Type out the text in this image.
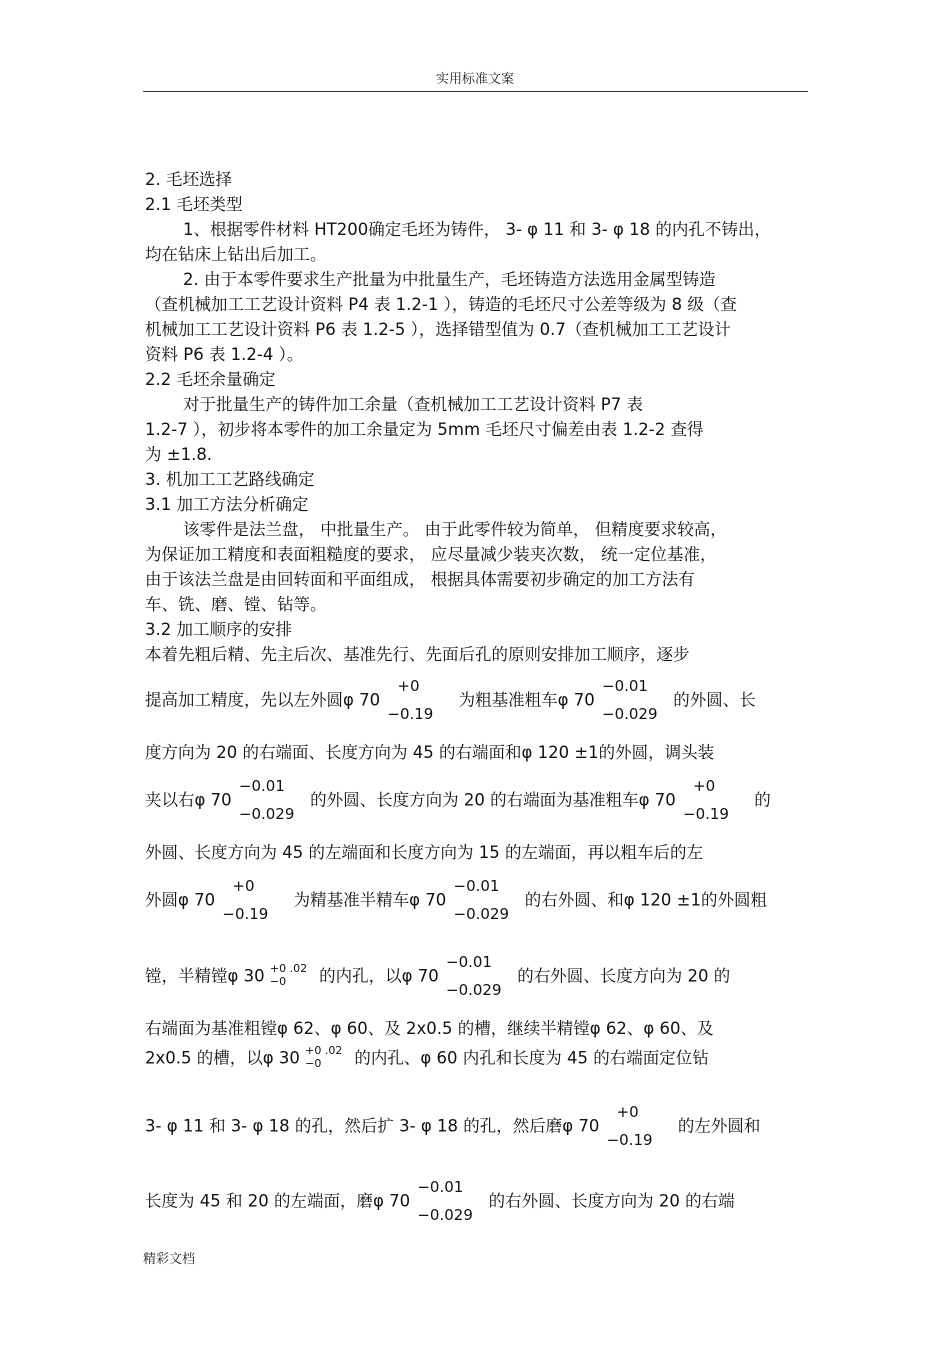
实用标准文案
2. 毛坯选择
2.1 毛坯类型
1、根据零件材料 HT200确定毛坯为铸件， 3- φ 11 和 3- φ 18 的内孔不铸出，
均在钻床上钻出后加工。
2. 由于本零件要求生产批量为中批量生产，毛坯铸造方法选用金属型铸造
（查机械加工工艺设计资料 P4 表 1.2-1 ），铸造的毛坯尺寸公差等级为 8 级（查
机械加工工艺设计资料 P6 表 1.2-5 ），选择错型值为 0.7（查机械加工工艺设计
资料 P6 表 1.2-4 ）。
2.2 毛坯余量确定
对于批量生产的铸件加工余量（查机械加工工艺设计资料 P7 表
1.2-7 ），初步将本零件的加工余量定为 5mm 毛坯尺寸偏差由表 1.2-2 查得
为 ±1.8.
3. 机加工工艺路线确定
3.1 加工方法分析确定
该零件是法兰盘， 中批量生产。 由于此零件较为简单， 但精度要求较高，
为保证加工精度和表面粗糙度的要求， 应尽量减少装夹次数， 统一定位基准，
由于该法兰盘是由回转面和平面组成， 根据具体需要初步确定的加工方法有
车、铣、磨、镗、钻等。
3.2 加工顺序的安排
本着先粗后精、先主后次、基准先行、先面后孔的原则安排加工顺序，逐步
提高加工精度，先以左外圆φ 70
+0
−0.19
为粗基准粗车φ 70
−0.01
−0.029
的外圆、长
度方向为 20 的右端面、长度方向为 45 的右端面和φ 120 ±1的外圆，调头装
夹以右φ 70
−0.01
−0.029
的外圆、长度方向为 20 的右端面为基准粗车φ 70
+0
−0.19
的
外圆、长度方向为 45 的左端面和长度方向为 15 的左端面，再以粗车后的左
外圆φ 70
+0
−0.19
为精基准半精车φ 70
−0.01
−0.029
的右外圆、和φ 120 ±1的外圆粗
镗，半精镗φ 30 +0 .02
−0 的内孔，以φ 70
−0.01
−0.029
的右外圆、长度方向为 20 的
右端面为基准粗镗φ 62、φ 60、及 2x0.5 的槽，继续半精镗φ 62、φ 60、及
2x0.5 的槽，以φ 30 +0 .02
−0 的内孔、φ 60 内孔和长度为 45 的右端面定位钻
3- φ 11 和 3- φ 18 的孔，然后扩 3- φ 18 的孔，然后磨φ 70
+0
−0.19
的左外圆和
长度为 45 和 20 的左端面，磨φ 70
−0.01
−0.029
的右外圆、长度方向为 20 的右端
精彩文档
